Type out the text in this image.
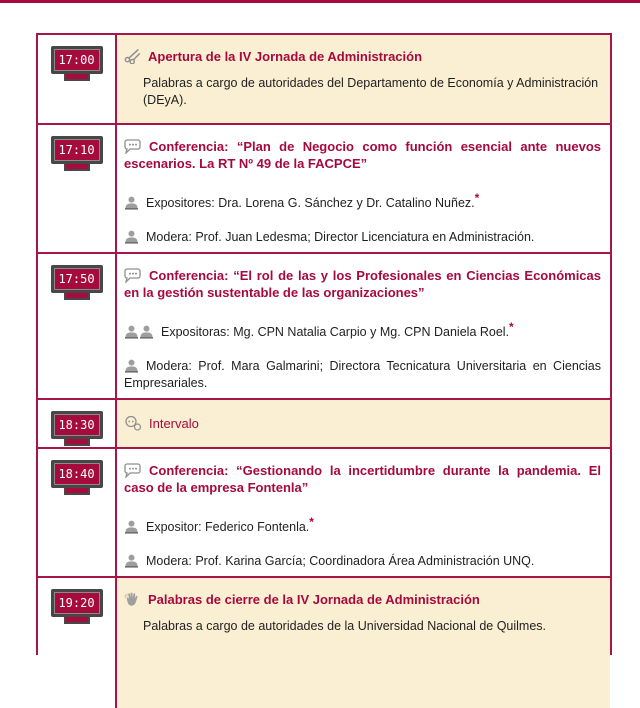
17:00	Apertura de la IV Jornada de Administración

Palabras a cargo de autoridades del Departamento de Economía y Administración (DEyA).

17:10	Conferencia: “Plan de Negocio como función esencial ante nuevos escenarios. La RT Nº 49 de la FACPCE”

Expositores: Dra. Lorena G. Sánchez y Dr. Catalino Nuñez.*

Modera: Prof. Juan Ledesma; Director Licenciatura en Administración.

17:50	Conferencia: “El rol de las y los Profesionales en Ciencias Económicas en la gestión sustentable de las organizaciones”

Expositoras: Mg. CPN Natalia Carpio y Mg. CPN Daniela Roel.*

Modera: Prof. Mara Galmarini; Directora Tecnicatura Universitaria en Ciencias Empresariales.

18:30	Intervalo

18:40	Conferencia: “Gestionando la incertidumbre durante la pandemia. El caso de la empresa Fontenla”

Expositor: Federico Fontenla.*

Modera: Prof. Karina García; Coordinadora Área Administración UNQ.

19:20	Palabras de cierre de la IV Jornada de Administración

Palabras a cargo de autoridades de la Universidad Nacional de Quilmes.
